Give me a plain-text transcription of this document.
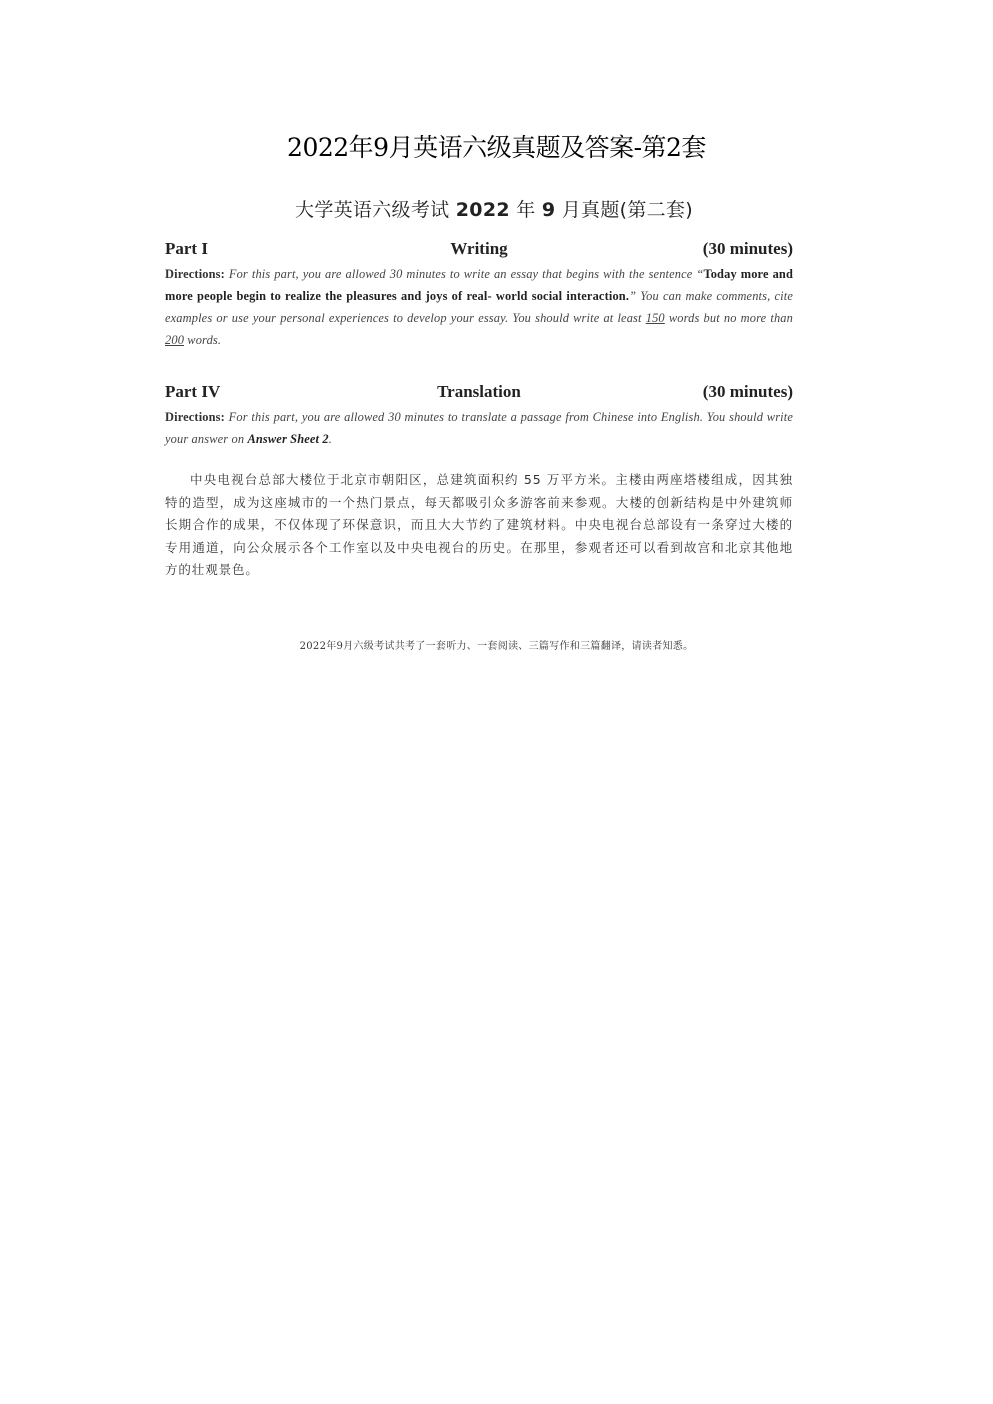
2022年9月英语六级真题及答案-第2套
大学英语六级考试 2022 年 9 月真题(第二套)
Writing
Part I	(30 minutes)
Directions: For this part, you are allowed 30 minutes to write an essay that begins with the sentence “Today more and more people begin to realize the pleasures and joys of real- world social interaction.” You can make comments, cite examples or use your personal experiences to develop your essay. You should write at least 150 words but no more than 200 words.
Translation
Part IV	(30 minutes)
Directions: For this part, you are allowed 30 minutes to translate a passage from Chinese into English. You should write your answer on Answer Sheet 2.
中央电视台总部大楼位于北京市朝阳区，总建筑面积约 55 万平方米。主楼由两座塔楼组成，因其独特的造型，成为这座城市的一个热门景点，每天都吸引众多游客前来参观。大楼的创新结构是中外建筑师长期合作的成果，不仅体现了环保意识，而且大大节约了建筑材料。中央电视台总部设有一条穿过大楼的专用通道，向公众展示各个工作室以及中央电视台的历史。在那里，参观者还可以看到故宫和北京其他地方的壮观景色。
2022年9月六级考试共考了一套听力、一套阅读、三篇写作和三篇翻译，请读者知悉。
